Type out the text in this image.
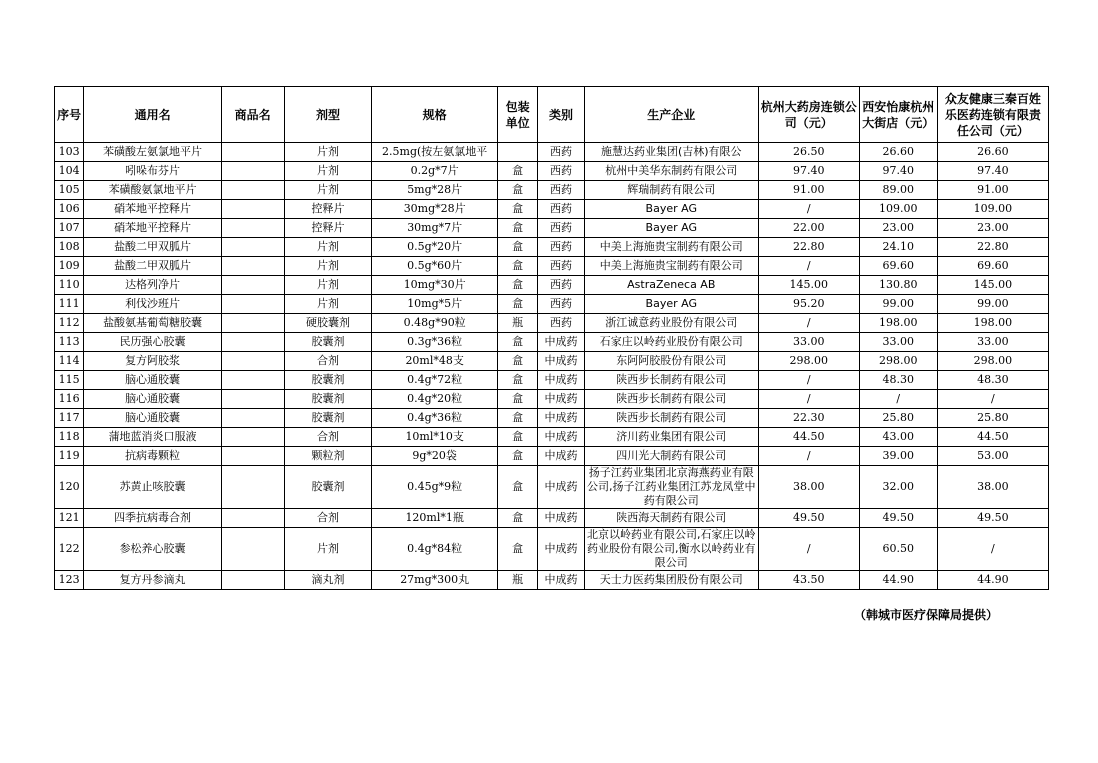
序号	通用名	商品名	剂型	规格	包装单位	类别	生产企业	杭州大药房连锁公司（元）	西安怡康杭州大街店（元）	众友健康三秦百姓乐医药连锁有限责任公司（元）
103	苯磺酸左氨氯地平片		片剂	2.5mg(按左氨氯地平		西药	施慧达药业集团(吉林)有限公	26.50	26.60	26.60
104	吲哚布芬片		片剂	0.2g*7片	盒	西药	杭州中美华东制药有限公司	97.40	97.40	97.40
105	苯磺酸氨氯地平片		片剂	5mg*28片	盒	西药	辉瑞制药有限公司	91.00	89.00	91.00
106	硝苯地平控释片		控释片	30mg*28片	盒	西药	Bayer AG	/	109.00	109.00
107	硝苯地平控释片		控释片	30mg*7片	盒	西药	Bayer AG	22.00	23.00	23.00
108	盐酸二甲双胍片		片剂	0.5g*20片	盒	西药	中美上海施贵宝制药有限公司	22.80	24.10	22.80
109	盐酸二甲双胍片		片剂	0.5g*60片	盒	西药	中美上海施贵宝制药有限公司	/	69.60	69.60
110	达格列净片		片剂	10mg*30片	盒	西药	AstraZeneca AB	145.00	130.80	145.00
111	利伐沙班片		片剂	10mg*5片	盒	西药	Bayer AG	95.20	99.00	99.00
112	盐酸氨基葡萄糖胶囊		硬胶囊剂	0.48g*90粒	瓶	西药	浙江诚意药业股份有限公司	/	198.00	198.00
113	民历强心胶囊		胶囊剂	0.3g*36粒	盒	中成药	石家庄以岭药业股份有限公司	33.00	33.00	33.00
114	复方阿胶浆		合剂	20ml*48支	盒	中成药	东阿阿胶股份有限公司	298.00	298.00	298.00
115	脑心通胶囊		胶囊剂	0.4g*72粒	盒	中成药	陕西步长制药有限公司	/	48.30	48.30
116	脑心通胶囊		胶囊剂	0.4g*20粒	盒	中成药	陕西步长制药有限公司	/	/	/
117	脑心通胶囊		胶囊剂	0.4g*36粒	盒	中成药	陕西步长制药有限公司	22.30	25.80	25.80
118	蒲地蓝消炎口服液		合剂	10ml*10支	盒	中成药	济川药业集团有限公司	44.50	43.00	44.50
119	抗病毒颗粒		颗粒剂	9g*20袋	盒	中成药	四川光大制药有限公司	/	39.00	53.00
120	苏黄止咳胶囊		胶囊剂	0.45g*9粒	盒	中成药	扬子江药业集团北京海燕药业有限公司,扬子江药业集团江苏龙凤堂中药有限公司	38.00	32.00	38.00
121	四季抗病毒合剂		合剂	120ml*1瓶	盒	中成药	陕西海天制药有限公司	49.50	49.50	49.50
122	参松养心胶囊		片剂	0.4g*84粒	盒	中成药	北京以岭药业有限公司,石家庄以岭药业股份有限公司,衡水以岭药业有限公司	/	60.50	/
123	复方丹参滴丸		滴丸剂	27mg*300丸	瓶	中成药	天士力医药集团股份有限公司	43.50	44.90	44.90
（韩城市医疗保障局提供）
